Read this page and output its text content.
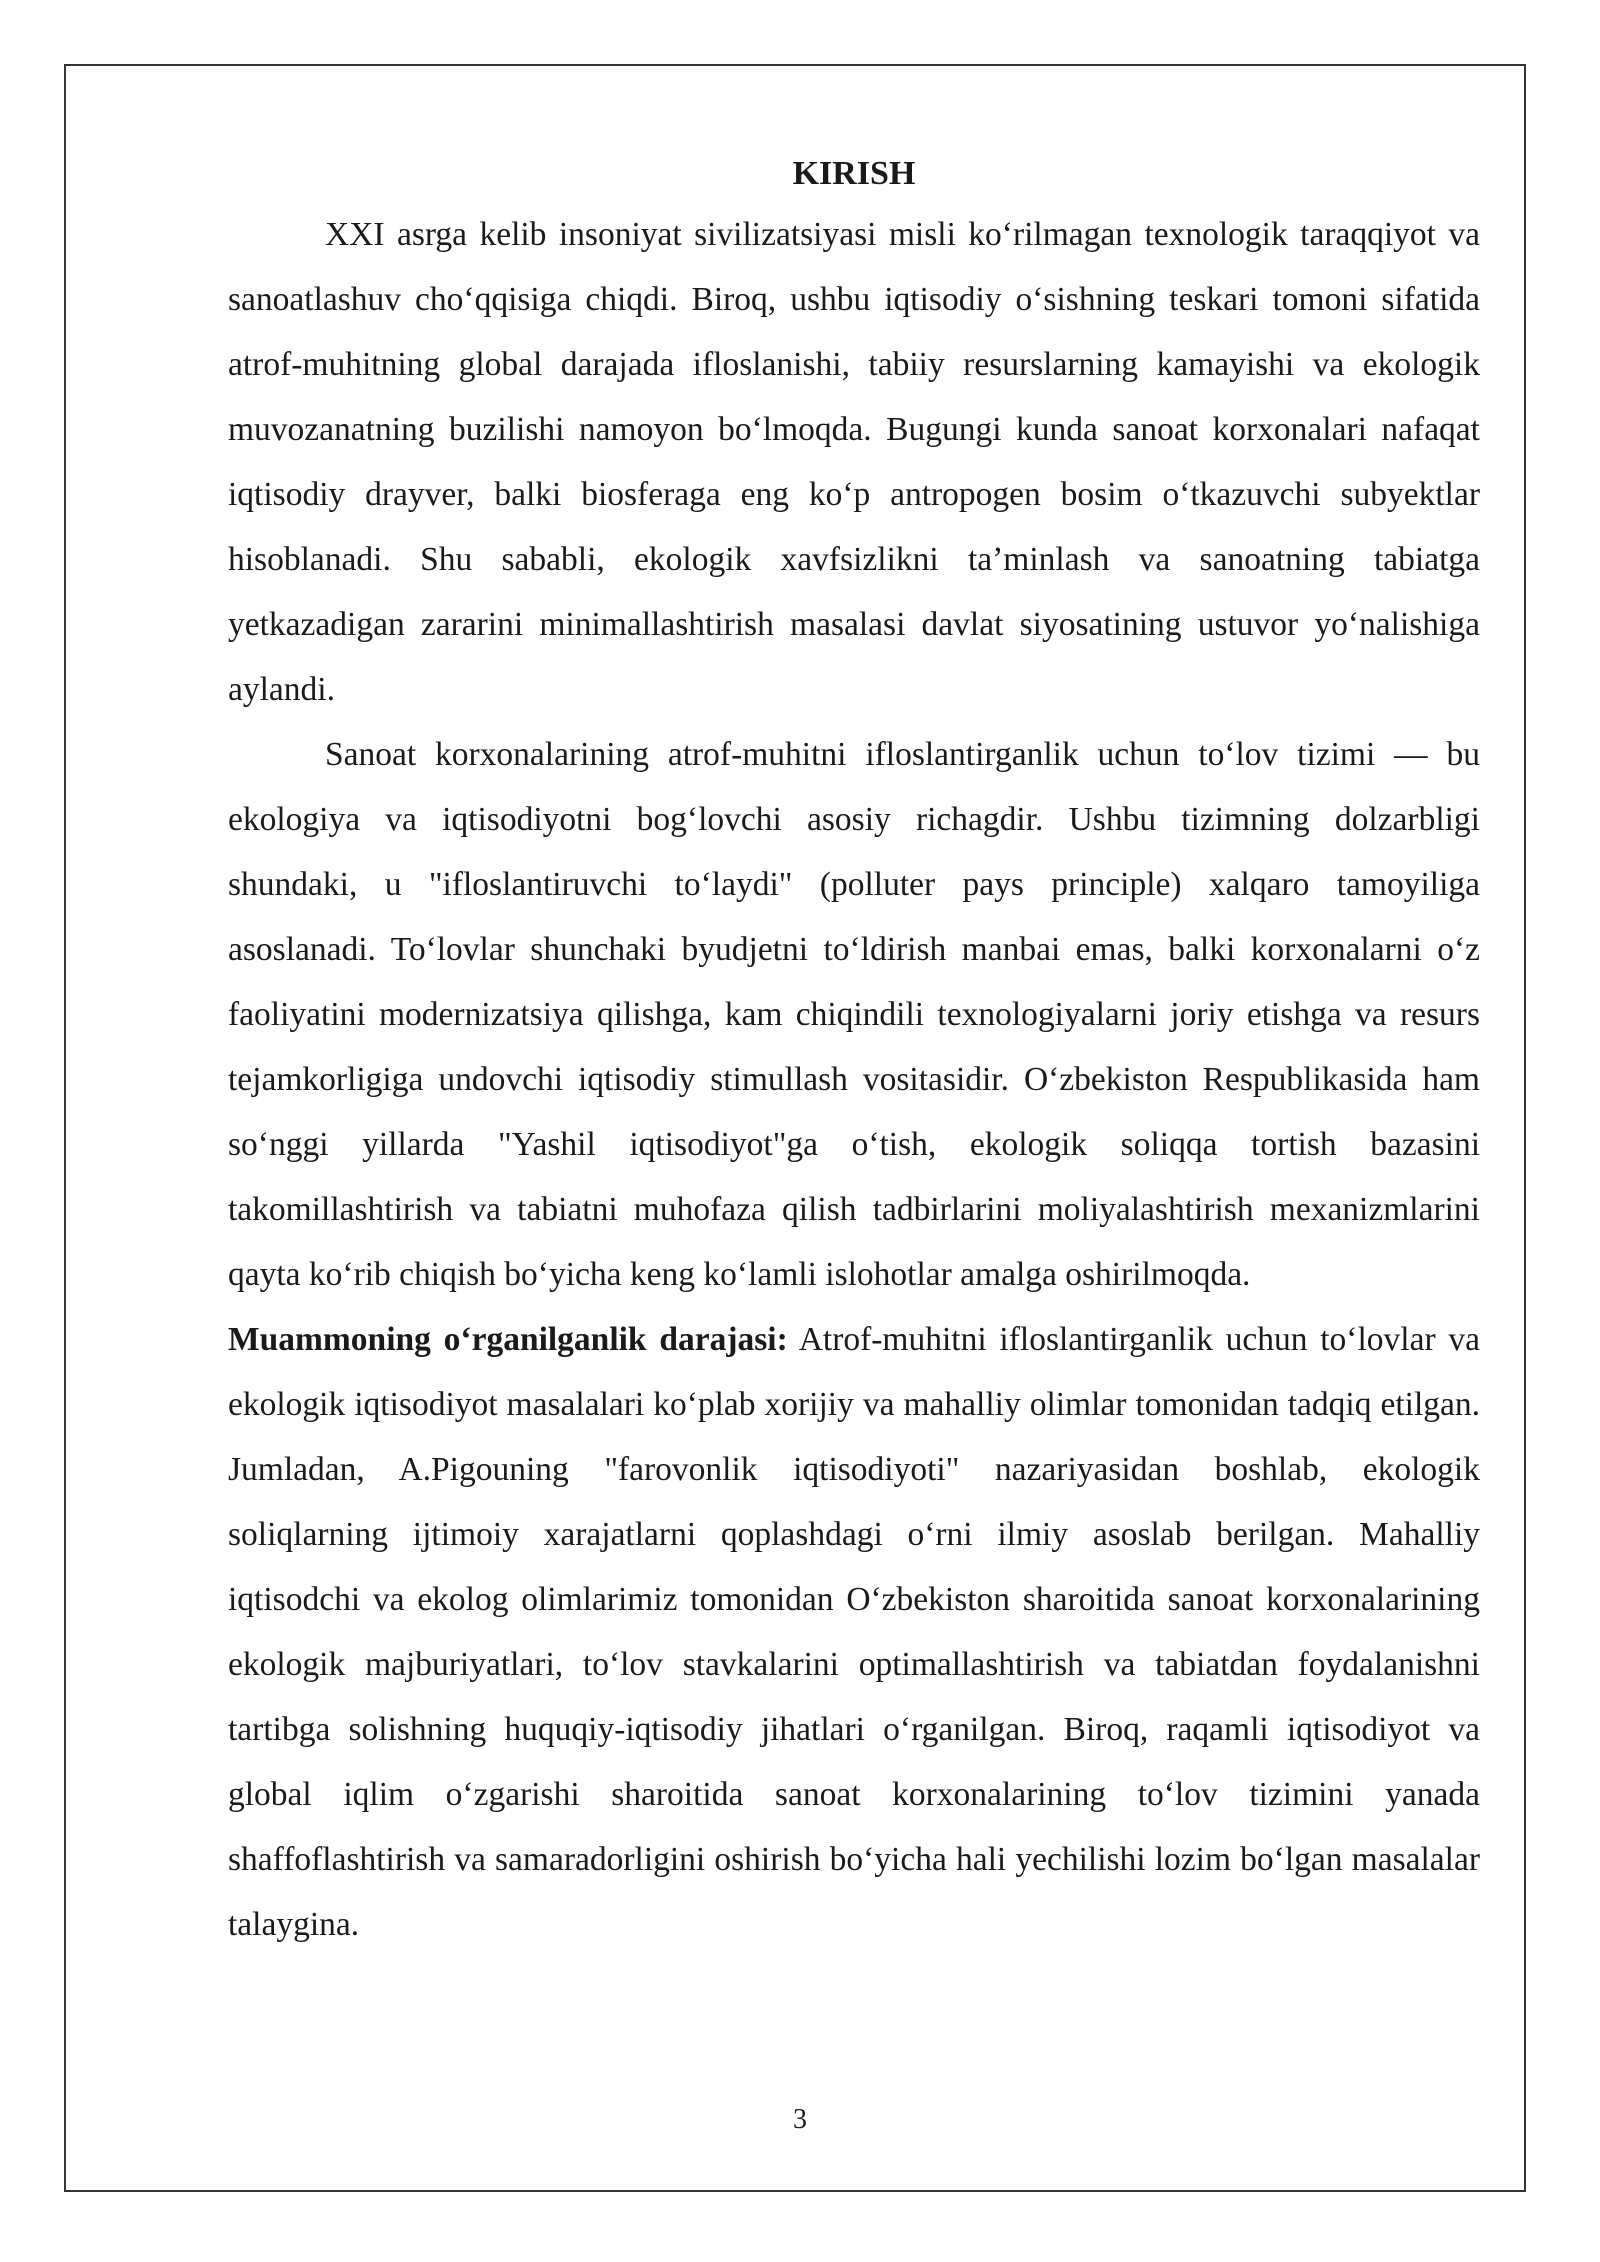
KIRISH

XXI asrga kelib insoniyat sivilizatsiyasi misli koʻrilmagan texnologik taraqqiyot va sanoatlashuv choʻqqisiga chiqdi. Biroq, ushbu iqtisodiy oʻsishning teskari tomoni sifatida atrof-muhitning global darajada ifloslanishi, tabiiy resurslarning kamayishi va ekologik muvozanatning buzilishi namoyon boʻlmoqda. Bugungi kunda sanoat korxonalari nafaqat iqtisodiy drayver, balki biosferaga eng koʻp antropogen bosim oʻtkazuvchi subyektlar hisoblanadi. Shu sababli, ekologik xavfsizlikni taʼminlash va sanoatning tabiatga yetkazadigan zararini minimallashtirish masalasi davlat siyosatining ustuvor yoʻnalishiga aylandi.

Sanoat korxonalarining atrof-muhitni ifloslantirganlik uchun toʻlov tizimi — bu ekologiya va iqtisodiyotni bogʻlovchi asosiy richagdir. Ushbu tizimning dolzarbligi shundaki, u "ifloslantiruvchi toʻlaydi" (polluter pays principle) xalqaro tamoyiliga asoslanadi. Toʻlovlar shunchaki byudjetni toʻldirish manbai emas, balki korxonalarni oʻz faoliyatini modernizatsiya qilishga, kam chiqindili texnologiyalarni joriy etishga va resurs tejamkorligiga undovchi iqtisodiy stimullash vositasidir. Oʻzbekiston Respublikasida ham soʻnggi yillarda "Yashil iqtisodiyot"ga oʻtish, ekologik soliqqa tortish bazasini takomillashtirish va tabiatni muhofaza qilish tadbirlarini moliyalashtirish mexanizmlarini qayta koʻrib chiqish boʻyicha keng koʻlamli islohotlar amalga oshirilmoqda.

Muammoning oʻrganilganlik darajasi: Atrof-muhitni ifloslantirganlik uchun toʻlovlar va ekologik iqtisodiyot masalalari koʻplab xorijiy va mahalliy olimlar tomonidan tadqiq etilgan. Jumladan, A.Pigouning "farovonlik iqtisodiyoti" nazariyasidan boshlab, ekologik soliqlarning ijtimoiy xarajatlarni qoplashdagi oʻrni ilmiy asoslab berilgan. Mahalliy iqtisodchi va ekolog olimlarimiz tomonidan Oʻzbekiston sharoitida sanoat korxonalarining ekologik majburiyatlari, toʻlov stavkalarini optimallashtirish va tabiatdan foydalanishni tartibga solishning huquqiy-iqtisodiy jihatlari oʻrganilgan. Biroq, raqamli iqtisodiyot va global iqlim oʻzgarishi sharoitida sanoat korxonalarining toʻlov tizimini yanada shaffoflashtirish va samaradorligini oshirish boʻyicha hali yechilishi lozim boʻlgan masalalar talaygina.

3
